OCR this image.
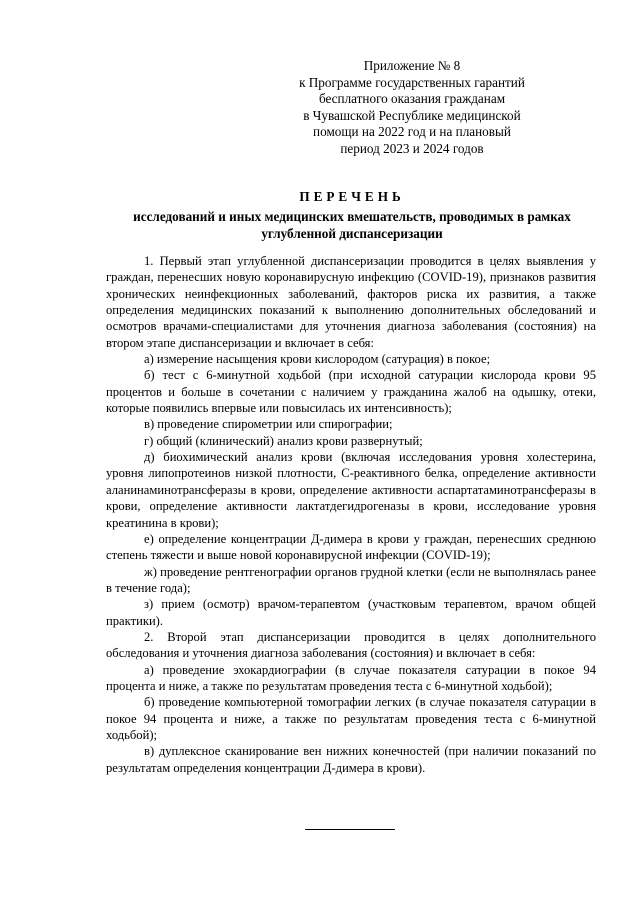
Приложение № 8
к Программе государственных гарантий
бесплатного оказания гражданам
в Чувашской Республике медицинской
помощи на 2022 год и на плановый
период 2023 и 2024 годов
ПЕРЕЧЕНЬ
исследований и иных медицинских вмешательств, проводимых в рамках
углубленной диспансеризации

1. Первый этап углубленной диспансеризации проводится в целях выявления у граждан, перенесших новую коронавирусную инфекцию (COVID-19), признаков развития хронических неинфекционных заболеваний, факторов риска их развития, а также определения медицинских показаний к выполнению дополнительных обследований и осмотров врачами-специалистами для уточнения диагноза заболевания (состояния) на втором этапе диспансеризации и включает в себя:

а) измерение насыщения крови кислородом (сатурация) в покое;

б) тест с 6-минутной ходьбой (при исходной сатурации кислорода крови 95 процентов и больше в сочетании с наличием у гражданина жалоб на одышку, отеки, которые появились впервые или повысилась их интенсивность);

в) проведение спирометрии или спирографии;

г) общий (клинический) анализ крови развернутый;

д) биохимический анализ крови (включая исследования уровня холестерина, уровня липопротеинов низкой плотности, С-реактивного белка, определение активности аланинаминотрансферазы в крови, определение активности аспартатаминотрансферазы в крови, определение активности лактатдегидрогеназы в крови, исследование уровня креатинина в крови);

е) определение концентрации Д-димера в крови у граждан, перенесших среднюю степень тяжести и выше новой коронавирусной инфекции (COVID-19);

ж) проведение рентгенографии органов грудной клетки (если не выполнялась ранее в течение года);

з) прием (осмотр) врачом-терапевтом (участковым терапевтом, врачом общей практики).

2. Второй этап диспансеризации проводится в целях дополнительного обследования и уточнения диагноза заболевания (состояния) и включает в себя:

а) проведение эхокардиографии (в случае показателя сатурации в покое 94 процента и ниже, а также по результатам проведения теста с 6-минутной ходьбой);

б) проведение компьютерной томографии легких (в случае показателя сатурации в покое 94 процента и ниже, а также по результатам проведения теста с 6-минутной ходьбой);

в) дуплексное сканирование вен нижних конечностей (при наличии показаний по результатам определения концентрации Д-димера в крови).
